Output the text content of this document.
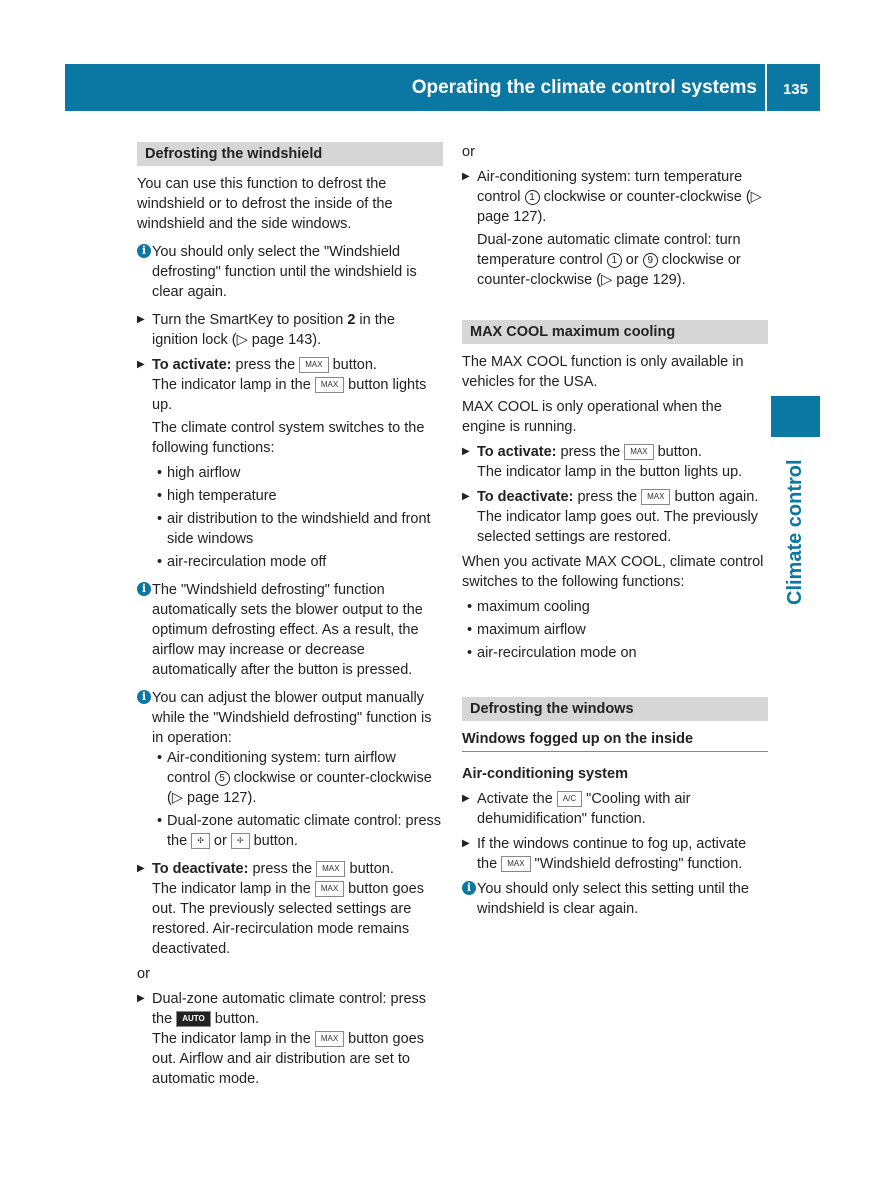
Operating the climate control systems 135
Climate control
Defrosting the windshield

You can use this function to defrost the windshield or to defrost the inside of the windshield and the side windows.

i You should only select the "Windshield defrosting" function until the windshield is clear again.
▶ Turn the SmartKey to position 2 in the ignition lock (▷ page 143).
▶ To activate: press the MAX button.
The indicator lamp in the MAX button lights up.

The climate control system switches to the following functions:

• high airflow
• high temperature
• air distribution to the windshield and front side windows
• air-recirculation mode off
i The "Windshield defrosting" function automatically sets the blower output to the optimum defrosting effect. As a result, the airflow may increase or decrease automatically after the button is pressed.
i You can adjust the blower output manually while the "Windshield defrosting" function is in operation:
• Air-conditioning system: turn airflow control 5 clockwise or counter-clockwise (▷ page 127).
• Dual-zone automatic climate control: press the ✣ or ✢ button.
▶ To deactivate: press the MAX button.
The indicator lamp in the MAX button goes out. The previously selected settings are restored. Air-recirculation mode remains deactivated.

or

▶ Dual-zone automatic climate control: press the AUTO button.
The indicator lamp in the MAX button goes out. Airflow and air distribution are set to automatic mode.

or

▶ Air-conditioning system: turn temperature control 1 clockwise or counter-clockwise (▷ page 127).

Dual-zone automatic climate control: turn temperature control 1 or 9 clockwise or counter-clockwise (▷ page 129).

MAX COOL maximum cooling

The MAX COOL function is only available in vehicles for the USA.

MAX COOL is only operational when the engine is running.

▶ To activate: press the MAX button.
The indicator lamp in the button lights up.
▶ To deactivate: press the MAX button again.
The indicator lamp goes out. The previously selected settings are restored.

When you activate MAX COOL, climate control switches to the following functions:

• maximum cooling
• maximum airflow
• air-recirculation mode on
Defrosting the windows
Windows fogged up on the inside

Air-conditioning system

▶ Activate the A/C "Cooling with air dehumidification" function.
▶ If the windows continue to fog up, activate the MAX "Windshield defrosting" function.
i You should only select this setting until the windshield is clear again.
